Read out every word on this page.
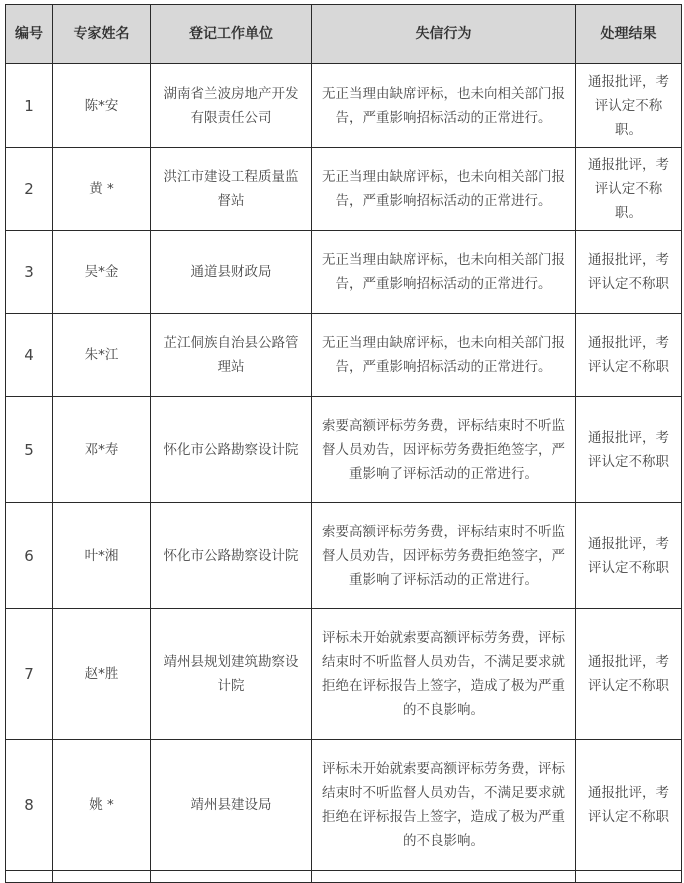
编号	专家姓名	登记工作单位	失信行为	处理结果
1	陈*安	湖南省兰波房地产开发有限责任公司	无正当理由缺席评标，也未向相关部门报告，严重影响招标活动的正常进行。	通报批评，考评认定不称职。
2	黄 *	洪江市建设工程质量监督站	无正当理由缺席评标，也未向相关部门报告，严重影响招标活动的正常进行。	通报批评，考评认定不称职。
3	吴*金	通道县财政局	无正当理由缺席评标，也未向相关部门报告，严重影响招标活动的正常进行。	通报批评，考评认定不称职
4	朱*江	芷江侗族自治县公路管理站	无正当理由缺席评标，也未向相关部门报告，严重影响招标活动的正常进行。	通报批评，考评认定不称职
5	邓*寿	怀化市公路勘察设计院	索要高额评标劳务费，评标结束时不听监督人员劝告，因评标劳务费拒绝签字，严重影响了评标活动的正常进行。	通报批评，考评认定不称职
6	叶*湘	怀化市公路勘察设计院	索要高额评标劳务费，评标结束时不听监督人员劝告，因评标劳务费拒绝签字，严重影响了评标活动的正常进行。	通报批评，考评认定不称职
7	赵*胜	靖州县规划建筑勘察设计院	评标未开始就索要高额评标劳务费，评标结束时不听监督人员劝告，不满足要求就拒绝在评标报告上签字，造成了极为严重的不良影响。	通报批评，考评认定不称职
8	姚 *	靖州县建设局	评标未开始就索要高额评标劳务费，评标结束时不听监督人员劝告，不满足要求就拒绝在评标报告上签字，造成了极为严重的不良影响。	通报批评，考评认定不称职
